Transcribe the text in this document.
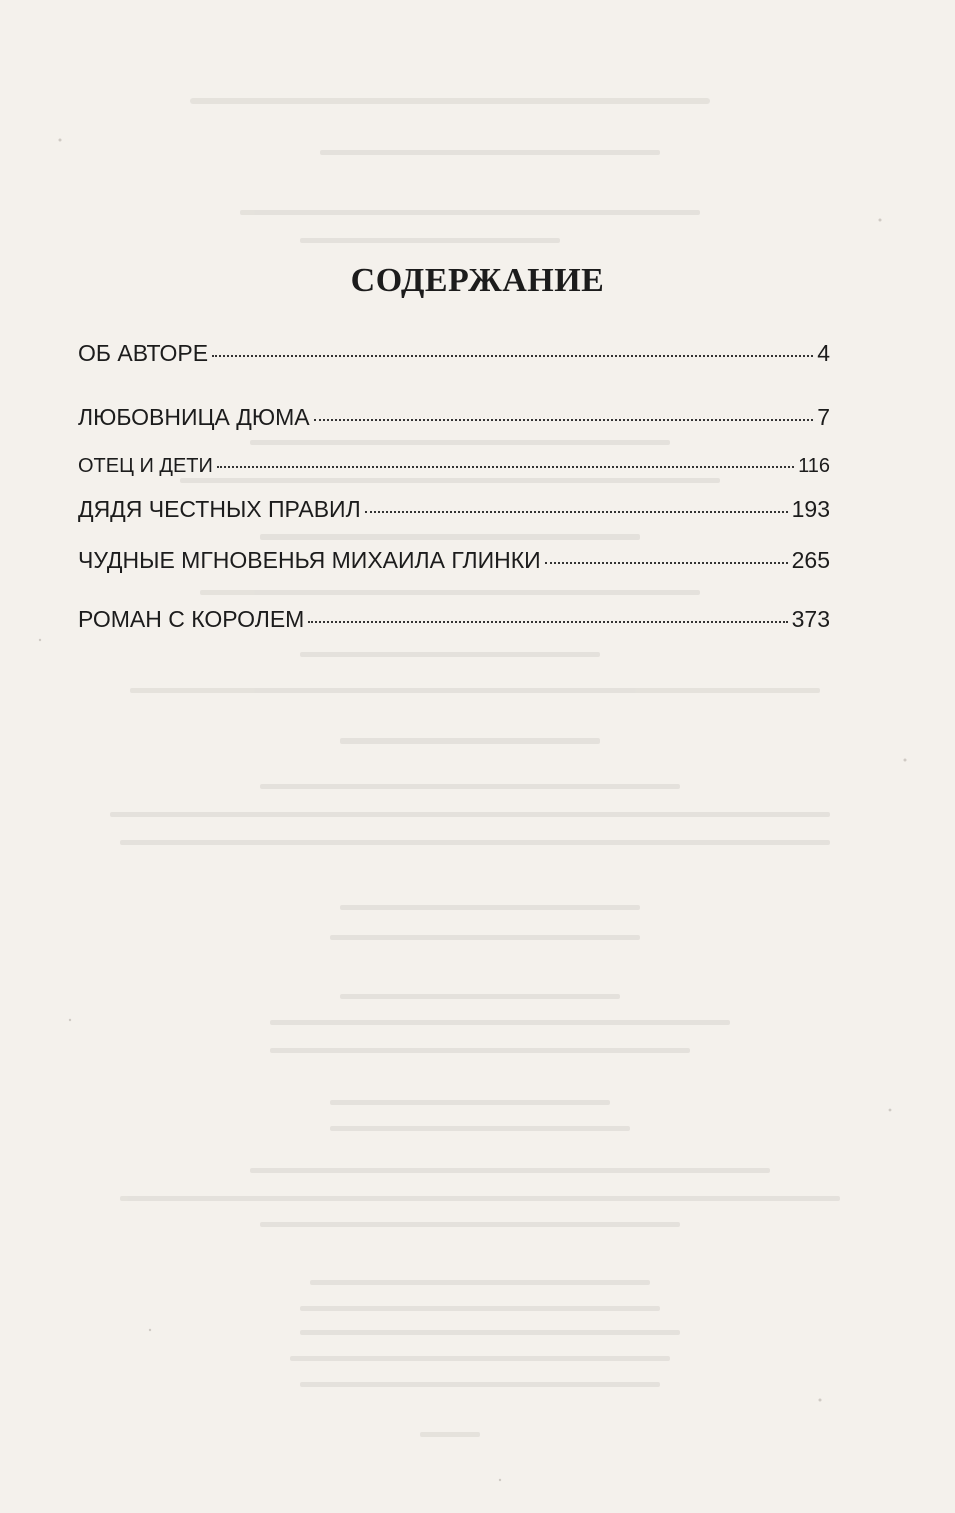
СОДЕРЖАНИЕ
ОБ АВТОРЕ	4
ЛЮБОВНИЦА ДЮМА	7
ОТЕЦ И ДЕТИ	116
ДЯДЯ ЧЕСТНЫХ ПРАВИЛ	193
ЧУДНЫЕ МГНОВЕНЬЯ МИХАИЛА ГЛИНКИ	265
РОМАН С КОРОЛЕМ	373
